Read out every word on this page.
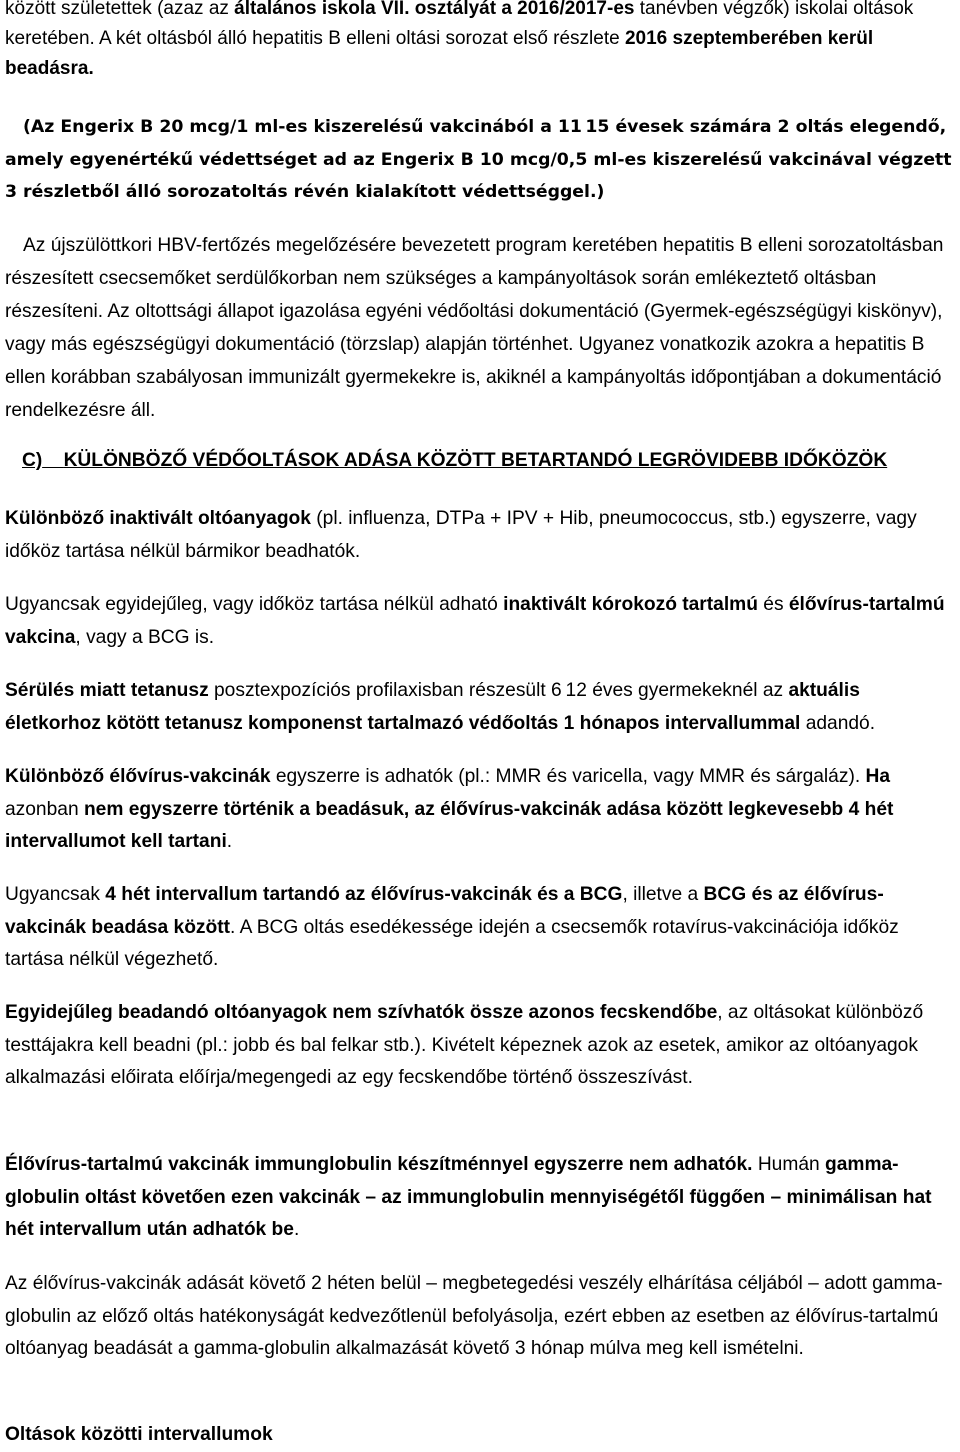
között születettek (azaz az általános iskola VII. osztályát a 2016/2017-es tanévben végzők) iskolai oltások keretében. A két oltásból álló hepatitis B elleni oltási sorozat első részlete 2016 szeptemberében kerül beadásra.

(Az Engerix B 20 mcg/1 ml-es kiszerelésű vakcinából a 11 15 évesek számára 2 oltás elegendő, amely egyenértékű védettséget ad az Engerix B 10 mcg/0,5 ml-es kiszerelésű vakcinával végzett 3 részletből álló sorozatoltás révén kialakított védettséggel.)

Az újszülöttkori HBV-fertőzés megelőzésére bevezetett program keretében hepatitis B elleni sorozatoltásban részesített csecsemőket serdülőkorban nem szükséges a kampányoltások során emlékeztető oltásban részesíteni. Az oltottsági állapot igazolása egyéni védőoltási dokumentáció (Gyermek-egészségügyi kiskönyv), vagy más egészségügyi dokumentáció (törzslap) alapján történhet. Ugyanez vonatkozik azokra a hepatitis B ellen korábban szabályosan immunizált gyermekekre is, akiknél a kampányoltás időpontjában a dokumentáció rendelkezésre áll.

C) KÜLÖNBÖZŐ VÉDŐOLTÁSOK ADÁSA KÖZÖTT BETARTANDÓ LEGRÖVIDEBB IDŐKÖZÖK

Különböző inaktivált oltóanyagok (pl. influenza, DTPa + IPV + Hib, pneumococcus, stb.) egyszerre, vagy időköz tartása nélkül bármikor beadhatók.

Ugyancsak egyidejűleg, vagy időköz tartása nélkül adható inaktivált kórokozó tartalmú és élővírus-tartalmú vakcina, vagy a BCG is.

Sérülés miatt tetanusz posztexpozíciós profilaxisban részesült 6 12 éves gyermekeknél az aktuális életkorhoz kötött tetanusz komponenst tartalmazó védőoltás 1 hónapos intervallummal adandó.

Különböző élővírus-vakcinák egyszerre is adhatók (pl.: MMR és varicella, vagy MMR és sárgaláz). Ha azonban nem egyszerre történik a beadásuk, az élővírus-vakcinák adása között legkevesebb 4 hét intervallumot kell tartani.

Ugyancsak 4 hét intervallum tartandó az élővírus-vakcinák és a BCG, illetve a BCG és az élővírus-vakcinák beadása között. A BCG oltás esedékessége idején a csecsemők rotavírus-vakcinációja időköz tartása nélkül végezhető.

Egyidejűleg beadandó oltóanyagok nem szívhatók össze azonos fecskendőbe, az oltásokat különböző testtájakra kell beadni (pl.: jobb és bal felkar stb.). Kivételt képeznek azok az esetek, amikor az oltóanyagok alkalmazási előirata előírja/megengedi az egy fecskendőbe történő összeszívást.

Élővírus-tartalmú vakcinák immunglobulin készítménnyel egyszerre nem adhatók. Humán gamma-globulin oltást követően ezen vakcinák – az immunglobulin mennyiségétől függően – minimálisan hat hét intervallum után adhatók be.

Az élővírus-vakcinák adását követő 2 héten belül – megbetegedési veszély elhárítása céljából – adott gamma-globulin az előző oltás hatékonyságát kedvezőtlenül befolyásolja, ezért ebben az esetben az élővírus-tartalmú oltóanyag beadását a gamma-globulin alkalmazását követő 3 hónap múlva meg kell ismételni.

Oltások közötti intervallumok
